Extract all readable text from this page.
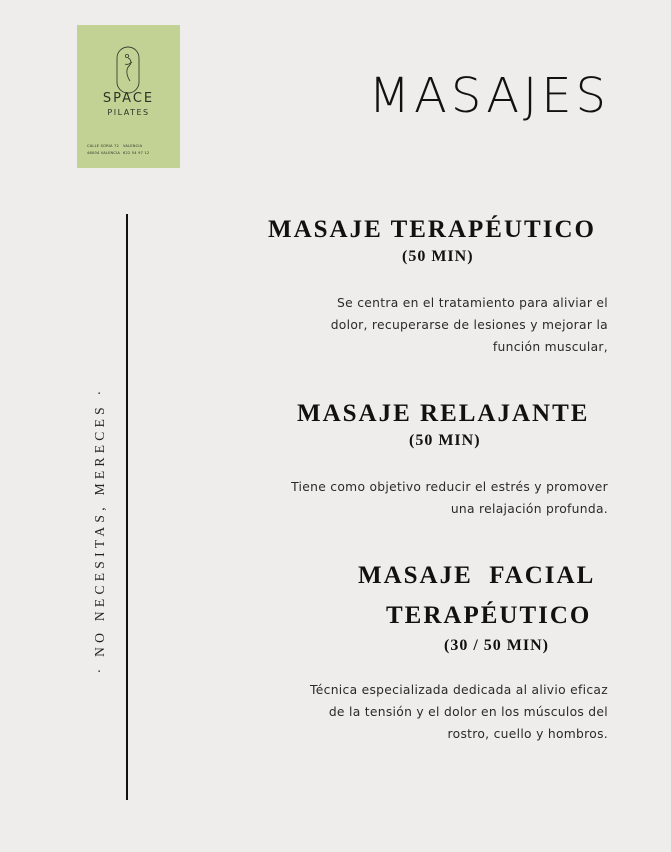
SPACE
PILATES
CALLE SORIA 72
46004 VALENCIA
VALENCIA
622 54 97 12
MASAJES
· NO NECESITAS, MERECES ·
MASAJE TERAPÉUTICO
(50 MIN)
Se centra en el tratamiento para aliviar el
dolor, recuperarse de lesiones y mejorar la
función muscular,
MASAJE RELAJANTE
(50 MIN)
Tiene como objetivo reducir el estrés y promover
una relajación profunda.
MASAJE  FACIAL
TERAPÉUTICO
(30 / 50 MIN)
Técnica especializada dedicada al alivio eficaz
de la tensión y el dolor en los músculos del
rostro, cuello y hombros.
